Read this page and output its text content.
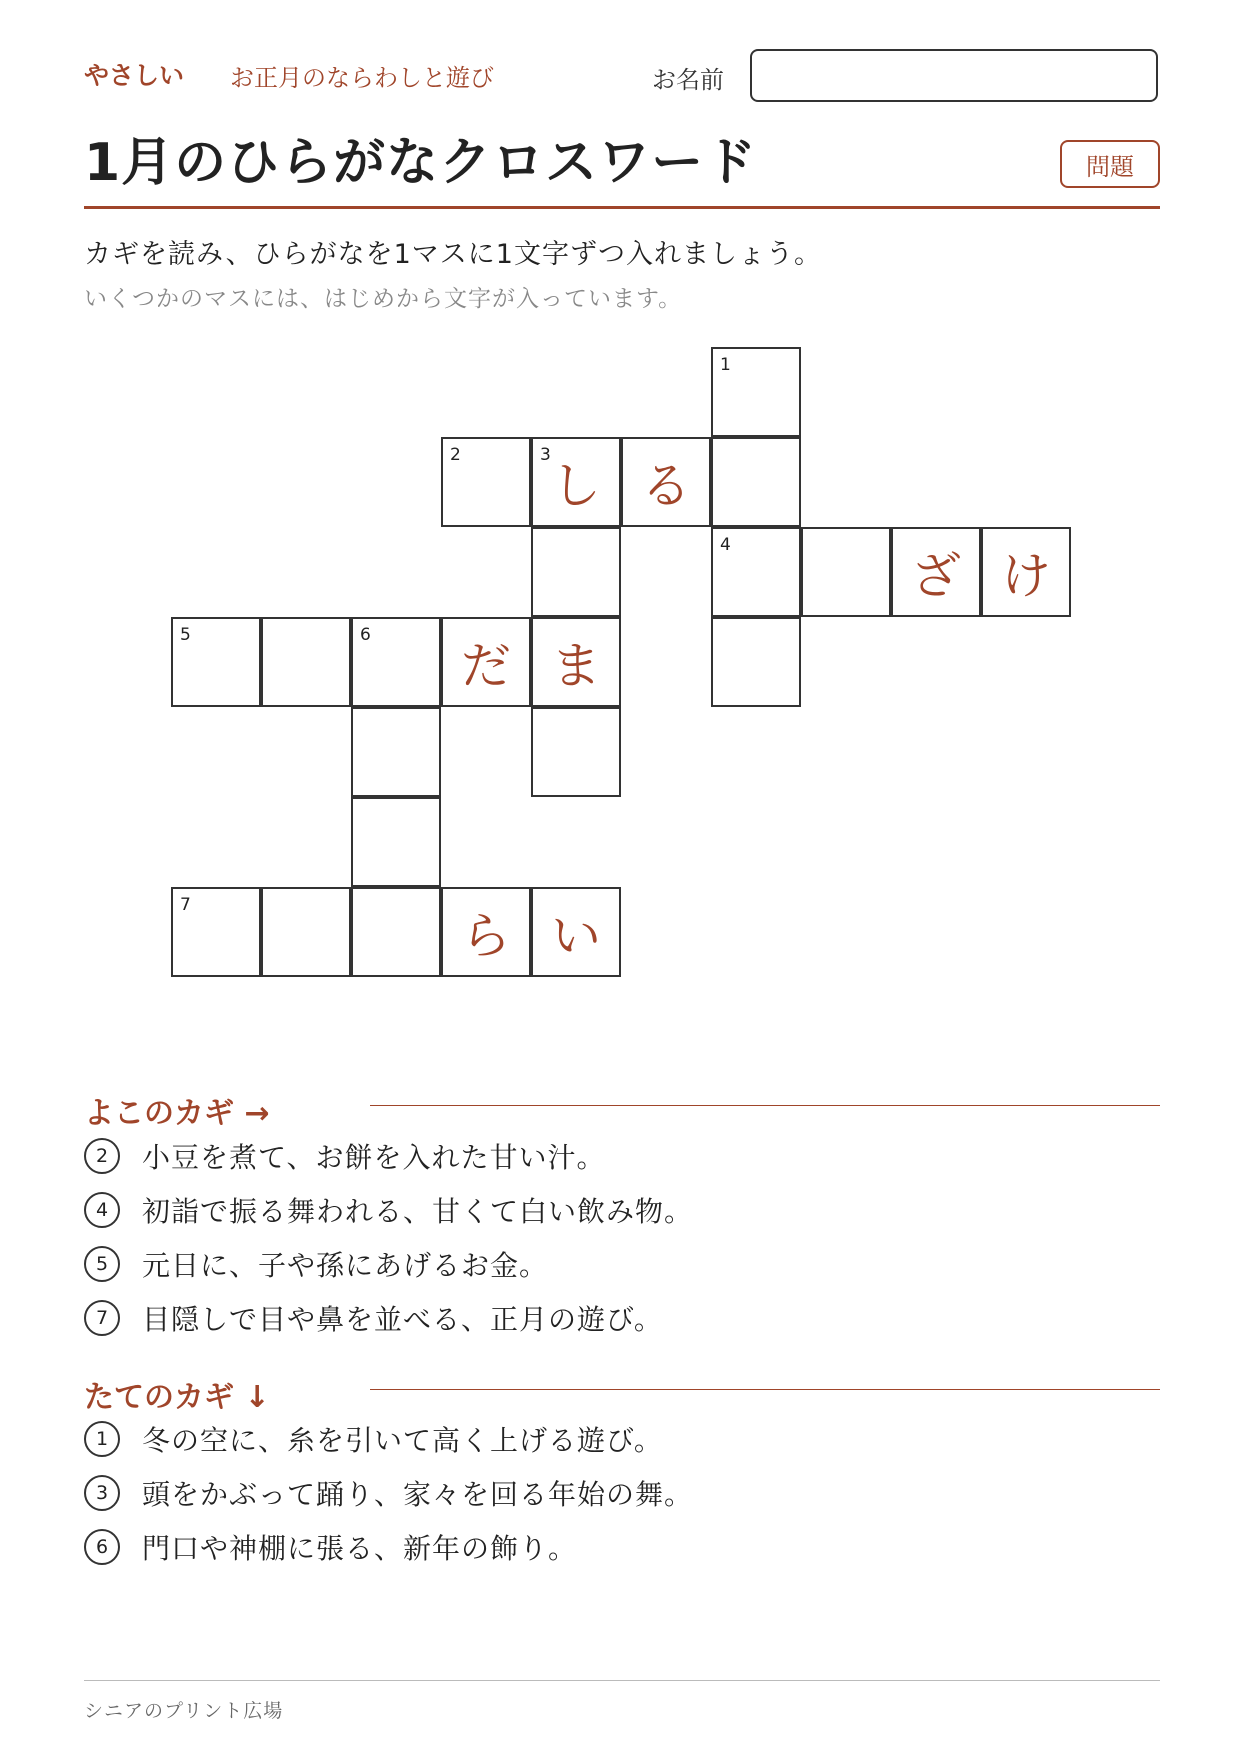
やさしい お正月のならわしと遊び	お名前
1月のひらがなクロスワード	問題
カギを読み、ひらがなを1マスに1文字ずつ入れましょう。
いくつかのマスには、はじめから文字が入っています。
1
2	3
し る
4
ざ け
5	6
だ ま
7
ら い
よこのカギ →
2	小豆を煮て、お餅を入れた甘い汁。
4	初詣で振る舞われる、甘くて白い飲み物。
5	元日に、子や孫にあげるお金。
7	目隠しで目や鼻を並べる、正月の遊び。
たてのカギ ↓
1	冬の空に、糸を引いて高く上げる遊び。
3	頭をかぶって踊り、家々を回る年始の舞。
6	門口や神棚に張る、新年の飾り。
シニアのプリント広場
